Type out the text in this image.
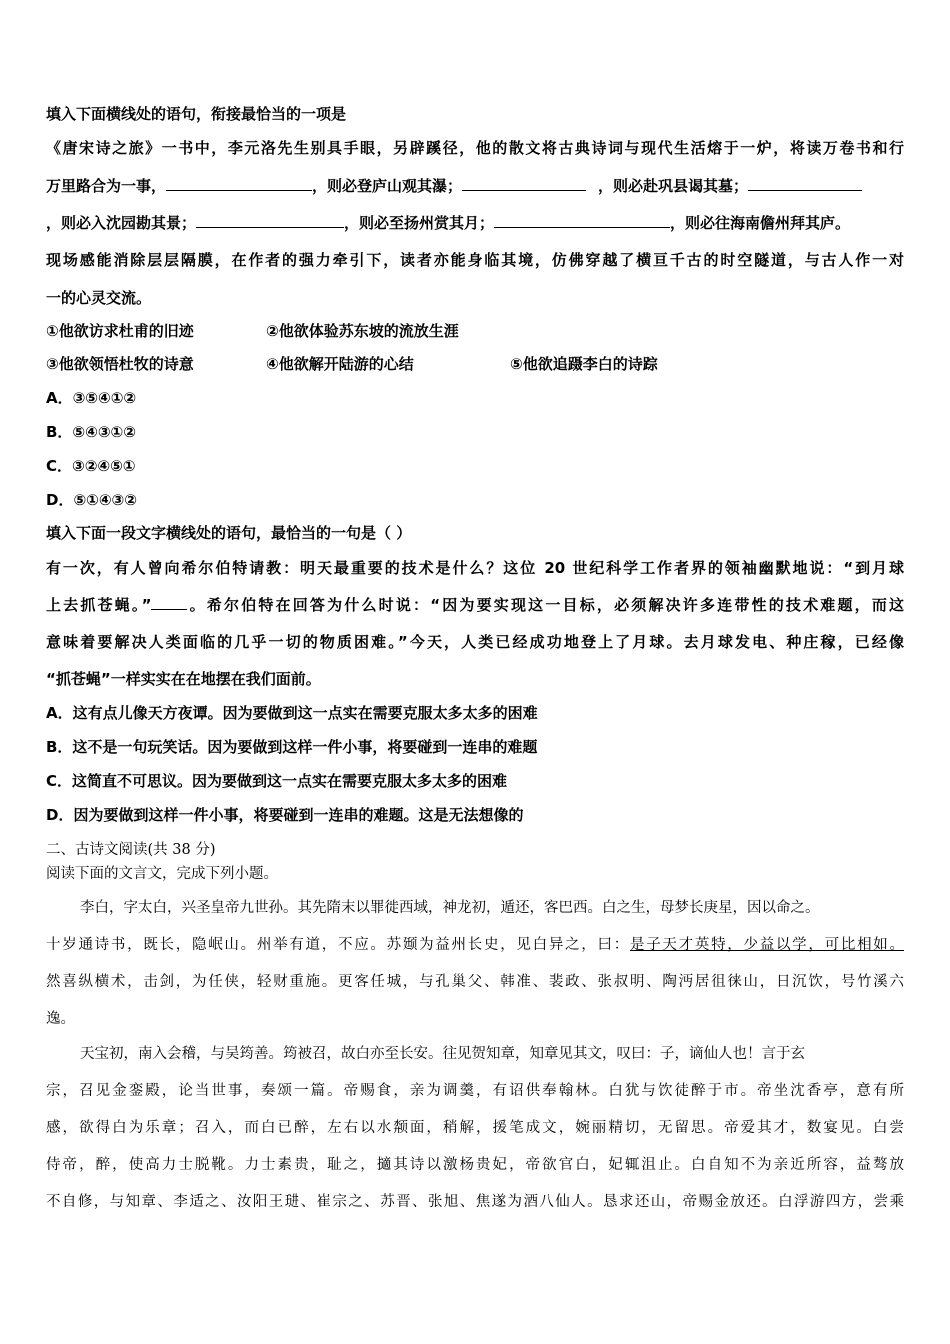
填入下面横线处的语句，衔接最恰当的一项是
《唐宋诗之旅》一书中，李元洛先生别具手眼，另辟蹊径，他的散文将古典诗词与现代生活熔于一炉，将读万卷书和行
万里路合为一事，	，则必登庐山观其瀑；	，则必赴巩县谒其墓；
，则必入沈园勘其景；	，则必至扬州赏其月；	，则必往海南儋州拜其庐。
现场感能消除层层隔膜，在作者的强力牵引下，读者亦能身临其境，仿佛穿越了横亘千古的时空隧道，与古人作一对
一的心灵交流。
①他欲访求杜甫的旧迹	②他欲体验苏东坡的流放生涯
③他欲领悟杜牧的诗意	④他欲解开陆游的心结	⑤他欲追蹑李白的诗踪
A．③⑤④①②
B．⑤④③①②
C．③②④⑤①
D．⑤①④③②
填入下面一段文字横线处的语句，最恰当的一句是（ ）
有一次，有人曾向希尔伯特请教：明天最重要的技术是什么？这位 20 世纪科学工作者界的领袖幽默地说：“到月球
上去抓苍蝇。” 。希尔伯特在回答为什么时说：“因为要实现这一目标，必须解决许多连带性的技术难题，而这
意味着要解决人类面临的几乎一切的物质困难。”今天，人类已经成功地登上了月球。去月球发电、种庄稼，已经像
“抓苍蝇”一样实实在在地摆在我们面前。
A．这有点儿像天方夜谭。因为要做到这一点实在需要克服太多太多的困难
B．这不是一句玩笑话。因为要做到这样一件小事，将要碰到一连串的难题
C．这简直不可思议。因为要做到这一点实在需要克服太多太多的困难
D．因为要做到这样一件小事，将要碰到一连串的难题。这是无法想像的
二、古诗文阅读(共 38 分)
阅读下面的文言文，完成下列小题。
李白，字太白，兴圣皇帝九世孙。其先隋末以罪徙西域，神龙初，遁还，客巴西。白之生，母梦长庚星，因以命之。
十岁通诗书，既长，隐岷山。州举有道，不应。苏颋为益州长史，见白异之，曰：是子天才英特，少益以学，可比相如。
然喜纵横术，击剑，为任侠，轻财重施。更客任城，与孔巢父、韩准、裴政、张叔明、陶沔居徂徕山，日沉饮，号竹溪六
逸。
天宝初，南入会稽，与吴筠善。筠被召，故白亦至长安。往见贺知章，知章见其文，叹曰：子，谪仙人也！言于玄
宗，召见金銮殿，论当世事，奏颂一篇。帝赐食，亲为调羹，有诏供奉翰林。白犹与饮徒醉于市。帝坐沈香亭，意有所
感，欲得白为乐章；召入，而白已醉，左右以水颒面，稍解，援笔成文，婉丽精切，无留思。帝爱其才，数宴见。白尝
侍帝，醉，使高力士脱靴。力士素贵，耻之，擿其诗以激杨贵妃，帝欲官白，妃辄沮止。白自知不为亲近所容，益骜放
不自修，与知章、李适之、汝阳王琎、崔宗之、苏晋、张旭、焦遂为酒八仙人。恳求还山，帝赐金放还。白浮游四方，尝乘
